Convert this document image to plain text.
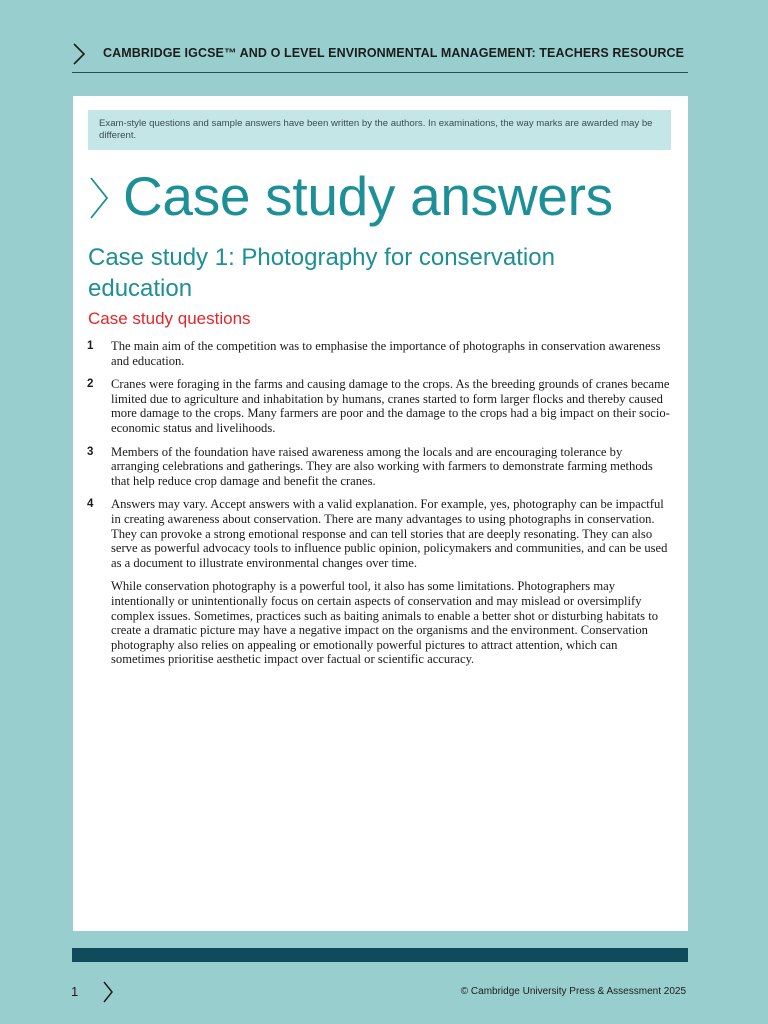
CAMBRIDGE IGCSE™ AND O LEVEL ENVIRONMENTAL MANAGEMENT: TEACHERS RESOURCE
Exam-style questions and sample answers have been written by the authors. In examinations, the way marks are awarded may be different.
Case study answers
Case study 1: Photography for conservation education
Case study questions
1 The main aim of the competition was to emphasise the importance of photographs in conservation awareness and education.

2 Cranes were foraging in the farms and causing damage to the crops. As the breeding grounds of cranes became limited due to agriculture and inhabitation by humans, cranes started to form larger flocks and thereby caused more damage to the crops. Many farmers are poor and the damage to the crops had a big impact on their socio-economic status and livelihoods.

3 Members of the foundation have raised awareness among the locals and are encouraging tolerance by arranging celebrations and gatherings. They are also working with farmers to demonstrate farming methods that help reduce crop damage and benefit the cranes.

4 Answers may vary. Accept answers with a valid explanation. For example, yes, photography can be impactful in creating awareness about conservation. There are many advantages to using photographs in conservation. They can provoke a strong emotional response and can tell stories that are deeply resonating. They can also serve as powerful advocacy tools to influence public opinion, policymakers and communities, and can be used as a document to illustrate environmental changes over time.

While conservation photography is a powerful tool, it also has some limitations. Photographers may intentionally or unintentionally focus on certain aspects of conservation and may mislead or oversimplify complex issues. Sometimes, practices such as baiting animals to enable a better shot or disturbing habitats to create a dramatic picture may have a negative impact on the organisms and the environment. Conservation photography also relies on appealing or emotionally powerful pictures to attract attention, which can sometimes prioritise aesthetic impact over factual or scientific accuracy.

1	© Cambridge University Press & Assessment 2025
